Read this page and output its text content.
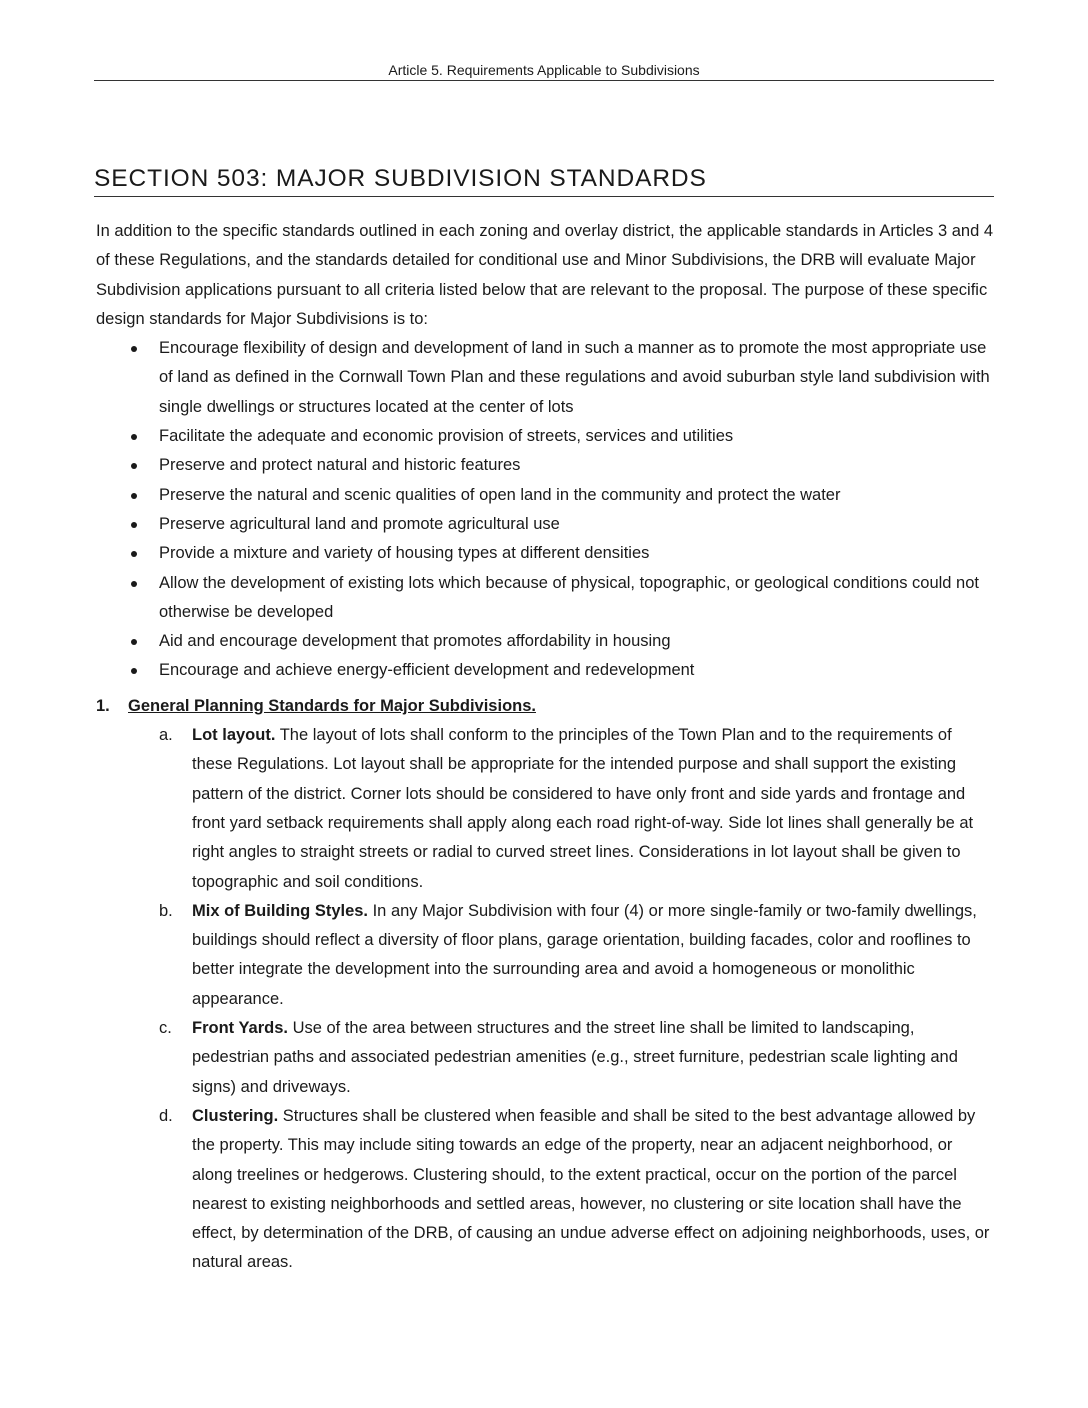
Article 5. Requirements Applicable to Subdivisions
SECTION 503: MAJOR SUBDIVISION STANDARDS

In addition to the specific standards outlined in each zoning and overlay district, the applicable standards in Articles 3 and 4 of these Regulations, and the standards detailed for conditional use and Minor Subdivisions, the DRB will evaluate Major Subdivision applications pursuant to all criteria listed below that are relevant to the proposal. The purpose of these specific design standards for Major Subdivisions is to:

Encourage flexibility of design and development of land in such a manner as to promote the most appropriate use of land as defined in the Cornwall Town Plan and these regulations and avoid suburban style land subdivision with single dwellings or structures located at the center of lots
Facilitate the adequate and economic provision of streets, services and utilities
Preserve and protect natural and historic features
Preserve the natural and scenic qualities of open land in the community and protect the water
Preserve agricultural land and promote agricultural use
Provide a mixture and variety of housing types at different densities
Allow the development of existing lots which because of physical, topographic, or geological conditions could not otherwise be developed
Aid and encourage development that promotes affordability in housing
Encourage and achieve energy-efficient development and redevelopment
1. General Planning Standards for Major Subdivisions.
a. Lot layout. The layout of lots shall conform to the principles of the Town Plan and to the requirements of these Regulations. Lot layout shall be appropriate for the intended purpose and shall support the existing pattern of the district. Corner lots should be considered to have only front and side yards and frontage and front yard setback requirements shall apply along each road right-of-way. Side lot lines shall generally be at right angles to straight streets or radial to curved street lines. Considerations in lot layout shall be given to topographic and soil conditions.
b. Mix of Building Styles. In any Major Subdivision with four (4) or more single-family or two-family dwellings, buildings should reflect a diversity of floor plans, garage orientation, building facades, color and rooflines to better integrate the development into the surrounding area and avoid a homogeneous or monolithic appearance.
c. Front Yards. Use of the area between structures and the street line shall be limited to landscaping, pedestrian paths and associated pedestrian amenities (e.g., street furniture, pedestrian scale lighting and signs) and driveways.
d. Clustering. Structures shall be clustered when feasible and shall be sited to the best advantage allowed by the property. This may include siting towards an edge of the property, near an adjacent neighborhood, or along treelines or hedgerows. Clustering should, to the extent practical, occur on the portion of the parcel nearest to existing neighborhoods and settled areas, however, no clustering or site location shall have the effect, by determination of the DRB, of causing an undue adverse effect on adjoining neighborhoods, uses, or natural areas.
